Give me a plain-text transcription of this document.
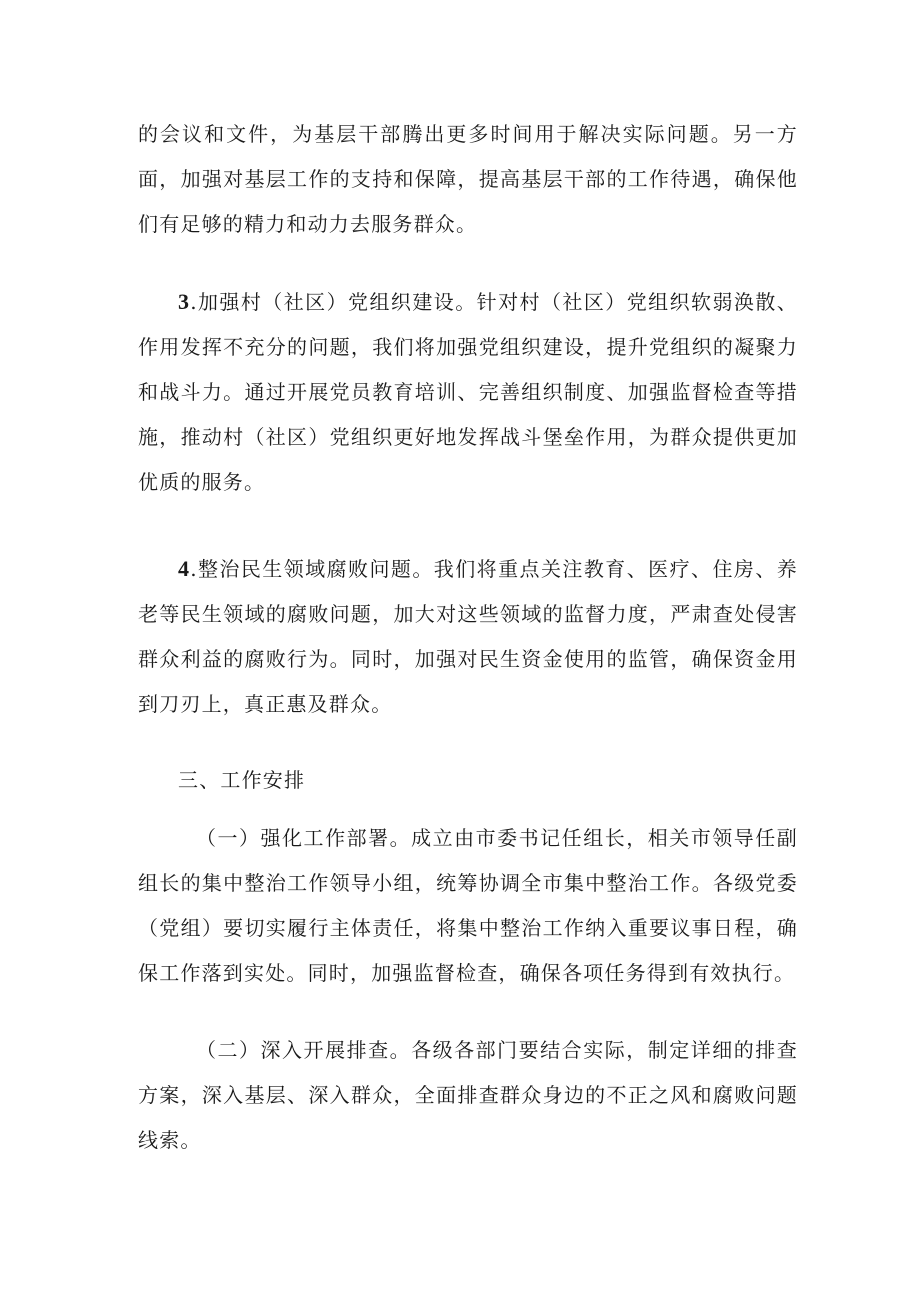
的会议和文件，为基层干部腾出更多时间用于解决实际问题。另一方面，加强对基层工作的支持和保障，提高基层干部的工作待遇，确保他们有足够的精力和动力去服务群众。

3.加强村（社区）党组织建设。针对村（社区）党组织软弱涣散、作用发挥不充分的问题，我们将加强党组织建设，提升党组织的凝聚力和战斗力。通过开展党员教育培训、完善组织制度、加强监督检查等措施，推动村（社区）党组织更好地发挥战斗堡垒作用，为群众提供更加优质的服务。

4.整治民生领域腐败问题。我们将重点关注教育、医疗、住房、养老等民生领域的腐败问题，加大对这些领域的监督力度，严肃查处侵害群众利益的腐败行为。同时，加强对民生资金使用的监管，确保资金用到刀刃上，真正惠及群众。

三、工作安排

（一）强化工作部署。成立由市委书记任组长，相关市领导任副组长的集中整治工作领导小组，统筹协调全市集中整治工作。各级党委（党组）要切实履行主体责任，将集中整治工作纳入重要议事日程，确保工作落到实处。同时，加强监督检查，确保各项任务得到有效执行。

（二）深入开展排查。各级各部门要结合实际，制定详细的排查方案，深入基层、深入群众，全面排查群众身边的不正之风和腐败问题线索。
